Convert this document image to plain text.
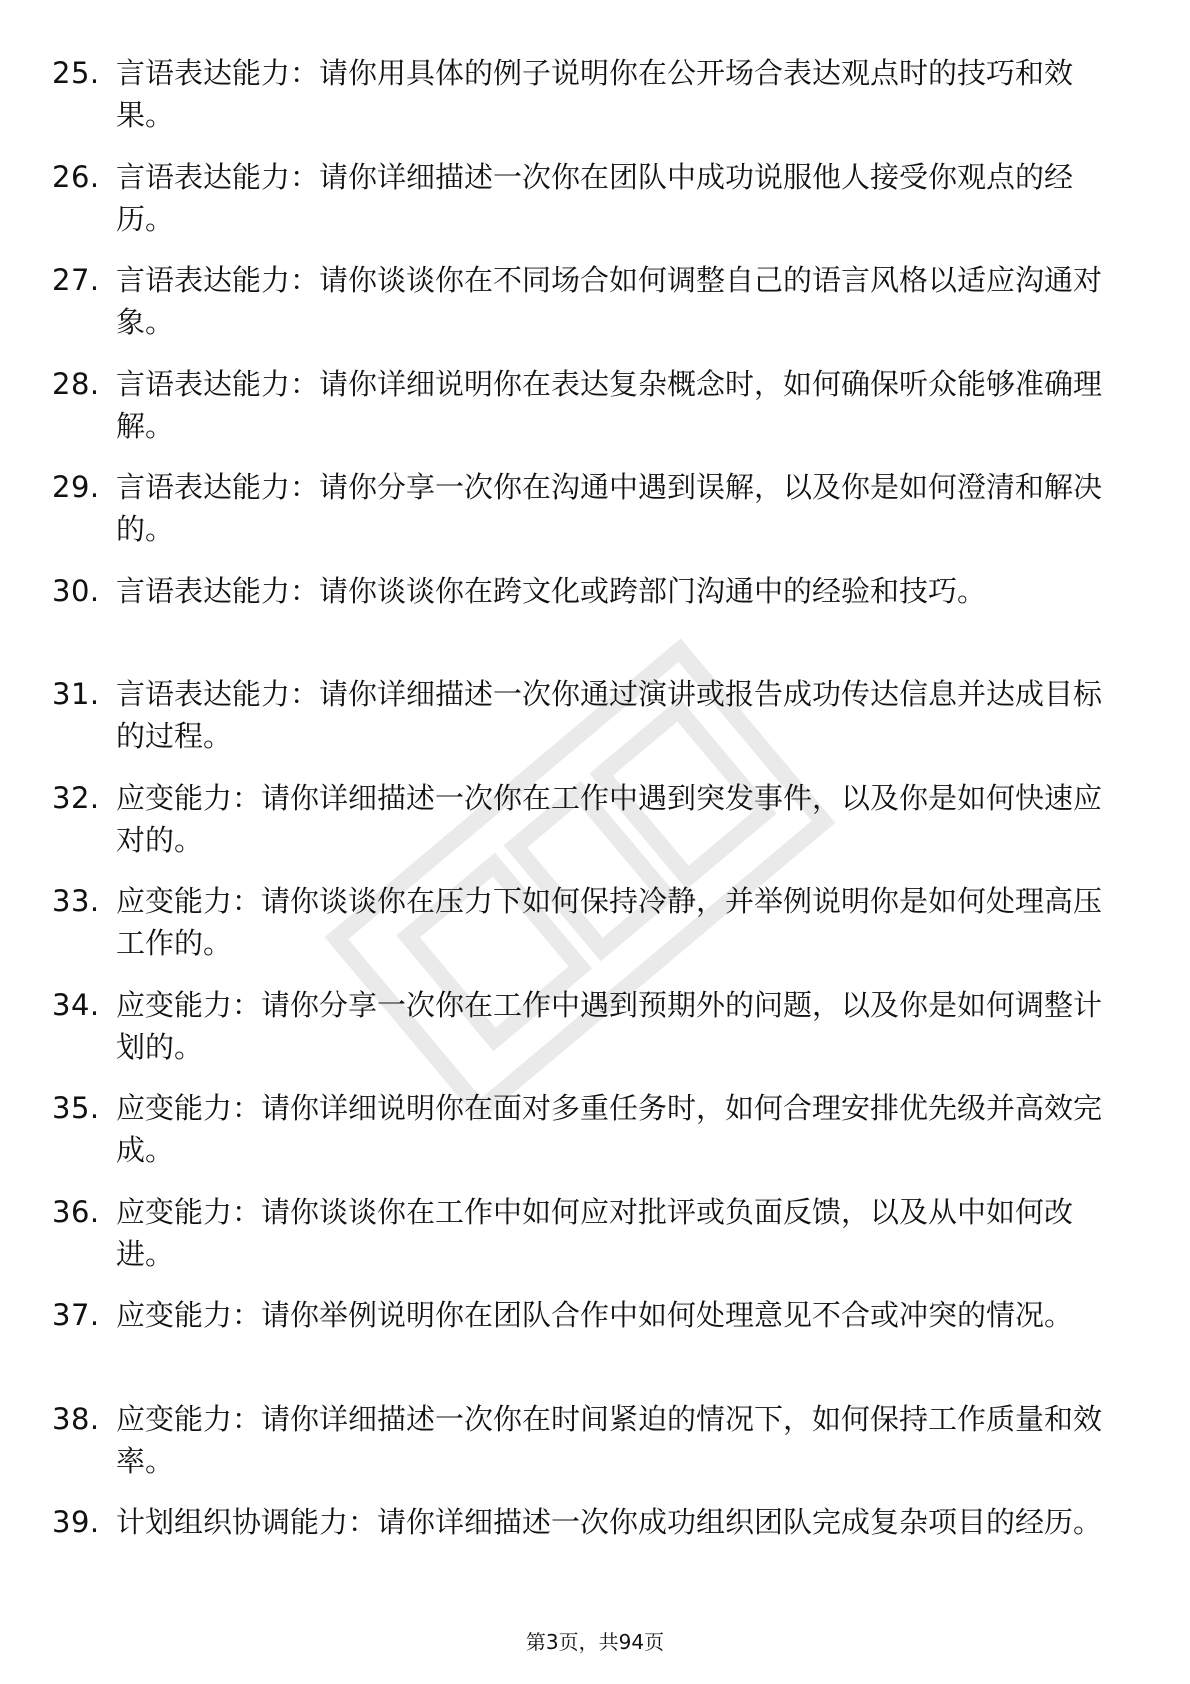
25. 言语表达能力：请你用具体的例子说明你在公开场合表达观点时的技巧和效果。
26. 言语表达能力：请你详细描述一次你在团队中成功说服他人接受你观点的经历。
27. 言语表达能力：请你谈谈你在不同场合如何调整自己的语言风格以适应沟通对象。
28. 言语表达能力：请你详细说明你在表达复杂概念时，如何确保听众能够准确理解。
29. 言语表达能力：请你分享一次你在沟通中遇到误解，以及你是如何澄清和解决的。
30. 言语表达能力：请你谈谈你在跨文化或跨部门沟通中的经验和技巧。
31. 言语表达能力：请你详细描述一次你通过演讲或报告成功传达信息并达成目标的过程。
32. 应变能力：请你详细描述一次你在工作中遇到突发事件，以及你是如何快速应对的。
33. 应变能力：请你谈谈你在压力下如何保持冷静，并举例说明你是如何处理高压工作的。
34. 应变能力：请你分享一次你在工作中遇到预期外的问题，以及你是如何调整计划的。
35. 应变能力：请你详细说明你在面对多重任务时，如何合理安排优先级并高效完成。
36. 应变能力：请你谈谈你在工作中如何应对批评或负面反馈，以及从中如何改进。
37. 应变能力：请你举例说明你在团队合作中如何处理意见不合或冲突的情况。
38. 应变能力：请你详细描述一次你在时间紧迫的情况下，如何保持工作质量和效率。
39. 计划组织协调能力：请你详细描述一次你成功组织团队完成复杂项目的经历。
第3页，共94页
